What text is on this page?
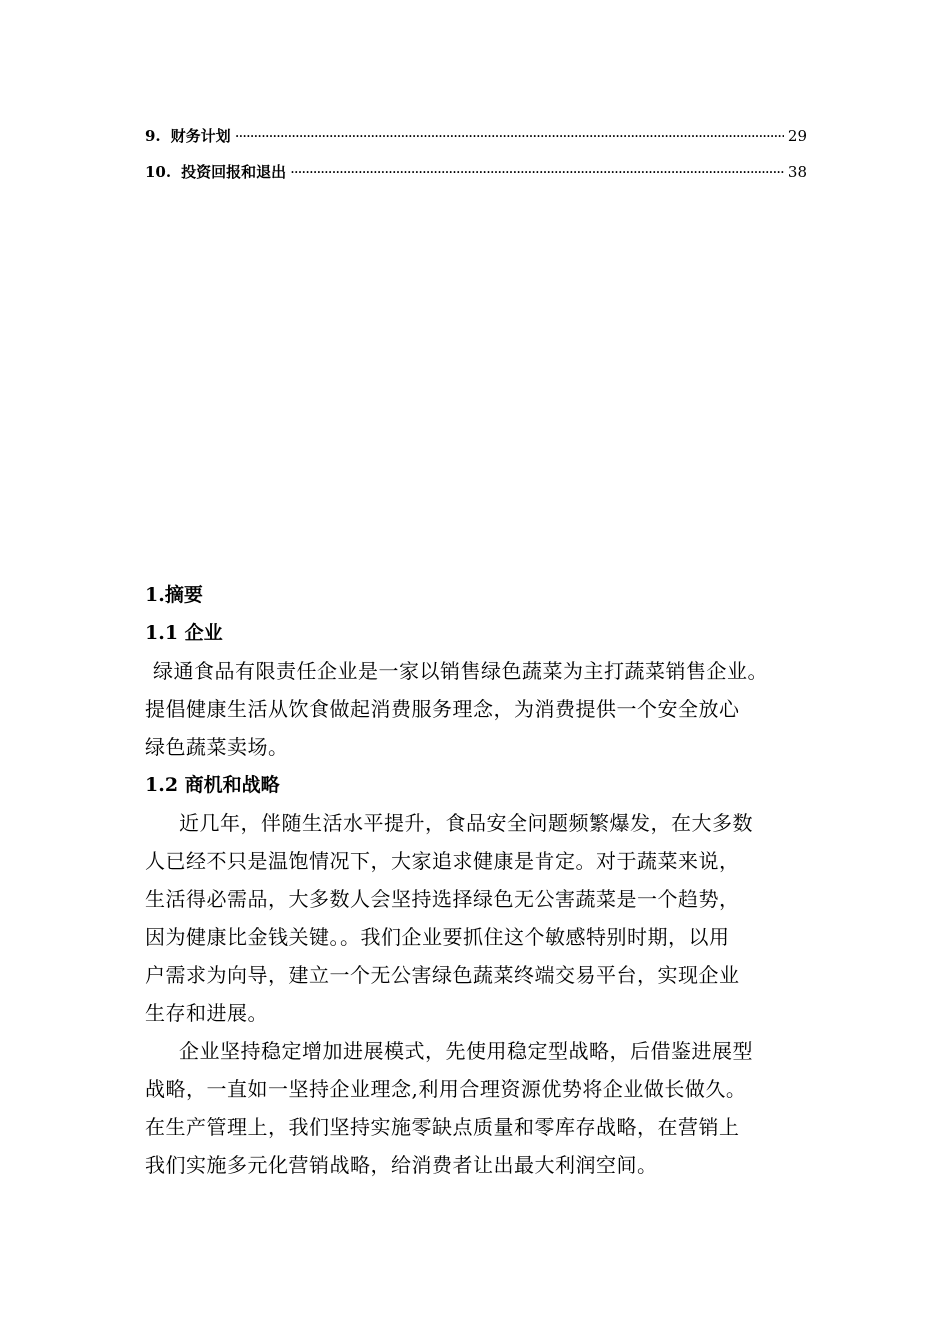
9. 财务计划 ·····	29
10. 投资回报和退出 ·····	38
1.摘要
1.1 企业

绿通食品有限责任企业是一家以销售绿色蔬菜为主打蔬菜销售企业。

提倡健康生活从饮食做起消费服务理念，为消费提供一个安全放心

绿色蔬菜卖场。

1.2 商机和战略

近几年，伴随生活水平提升，食品安全问题频繁爆发，在大多数

人已经不只是温饱情况下，大家追求健康是肯定。对于蔬菜来说，

生活得必需品，大多数人会坚持选择绿色无公害蔬菜是一个趋势，

因为健康比金钱关键。。我们企业要抓住这个敏感特别时期，以用

户需求为向导，建立一个无公害绿色蔬菜终端交易平台，实现企业

生存和进展。

企业坚持稳定增加进展模式，先使用稳定型战略，后借鉴进展型

战略，一直如一坚持企业理念,利用合理资源优势将企业做长做久。

在生产管理上，我们坚持实施零缺点质量和零库存战略，在营销上

我们实施多元化营销战略，给消费者让出最大利润空间。
